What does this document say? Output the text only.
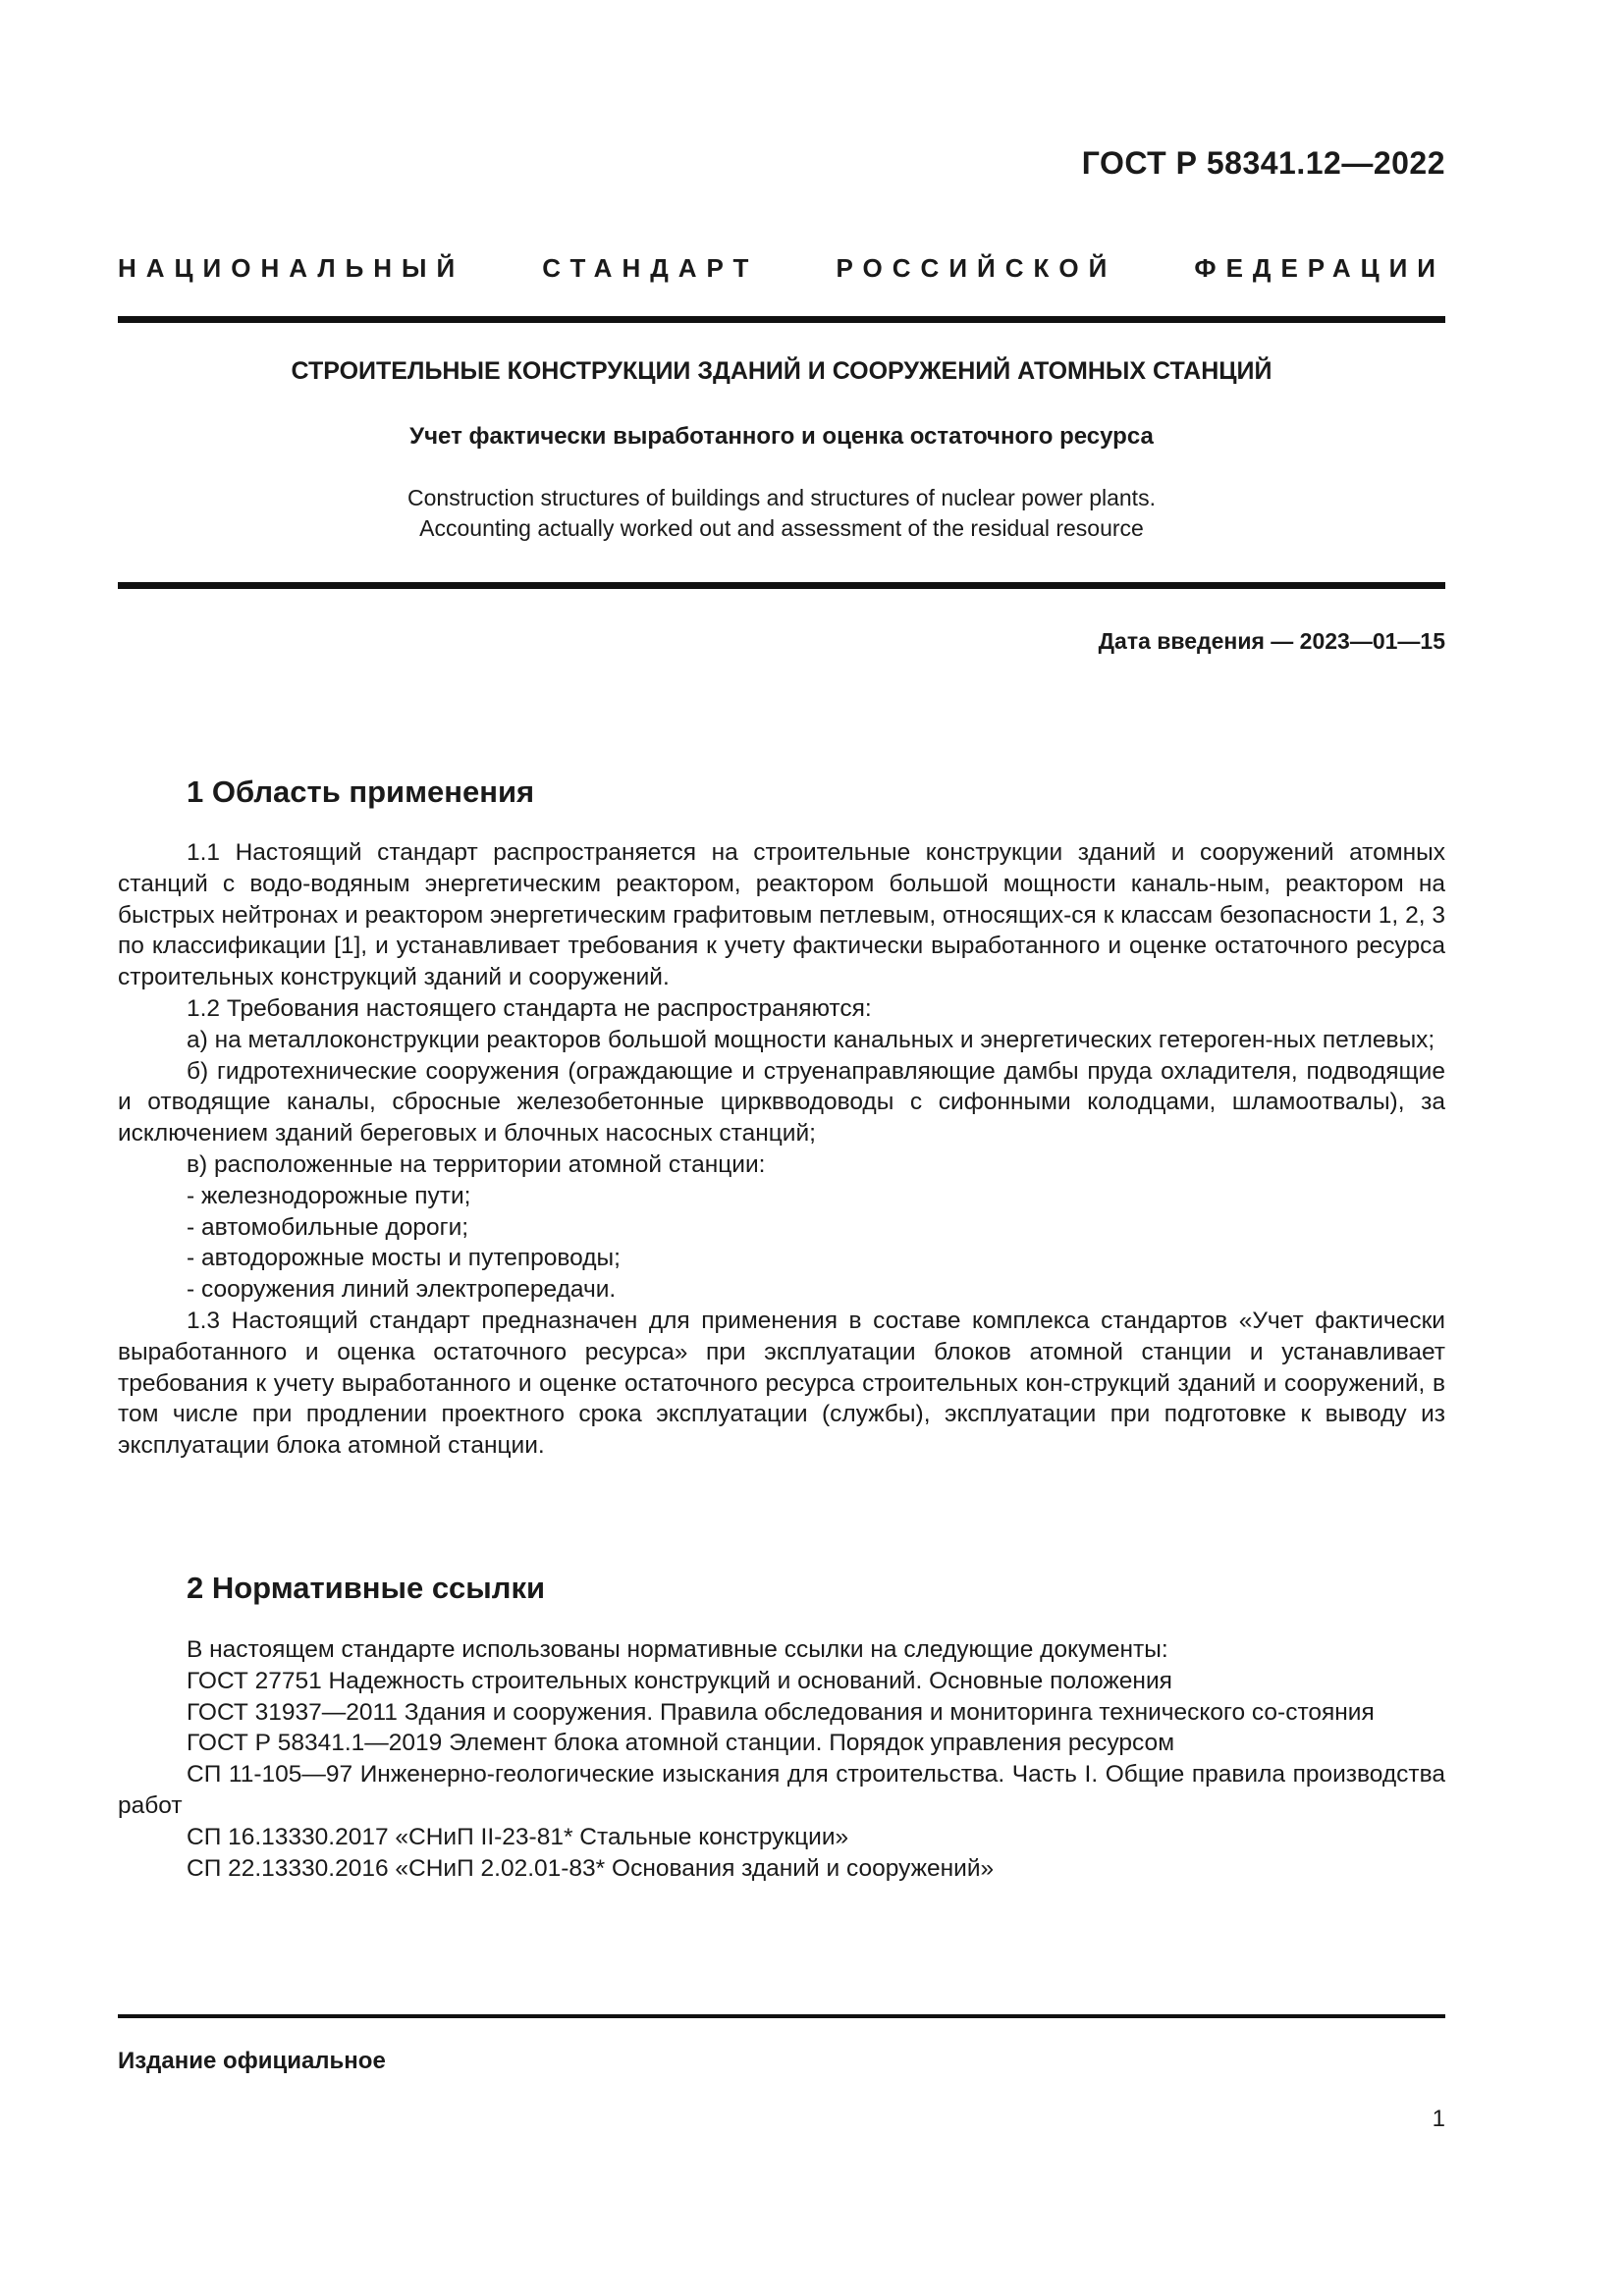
ГОСТ Р 58341.12—2022
НАЦИОНАЛЬНЫЙ СТАНДАРТ РОССИЙСКОЙ ФЕДЕРАЦИИ
СТРОИТЕЛЬНЫЕ КОНСТРУКЦИИ ЗДАНИЙ И СООРУЖЕНИЙ АТОМНЫХ СТАНЦИЙ
Учет фактически выработанного и оценка остаточного ресурса
Construction structures of buildings and structures of nuclear power plants.
Accounting actually worked out and assessment of the residual resource
Дата введения — 2023—01—15
1 Область применения

1.1 Настоящий стандарт распространяется на строительные конструкции зданий и сооружений атомных станций с водо-водяным энергетическим реактором, реактором большой мощности каналь-ным, реактором на быстрых нейтронах и реактором энергетическим графитовым петлевым, относящих-ся к классам безопасности 1, 2, 3 по классификации [1], и устанавливает требования к учету фактически выработанного и оценке остаточного ресурса строительных конструкций зданий и сооружений.

1.2 Требования настоящего стандарта не распространяются:

а) на металлоконструкции реакторов большой мощности канальных и энергетических гетероген-ных петлевых;

б) гидротехнические сооружения (ограждающие и струенаправляющие дамбы пруда охладителя, подводящие и отводящие каналы, сбросные железобетонные цирквводоводы с сифонными колодцами, шламоотвалы), за исключением зданий береговых и блочных насосных станций;

в) расположенные на территории атомной станции:

- железнодорожные пути;

- автомобильные дороги;

- автодорожные мосты и путепроводы;

- сооружения линий электропередачи.

1.3 Настоящий стандарт предназначен для применения в составе комплекса стандартов «Учет фактически выработанного и оценка остаточного ресурса» при эксплуатации блоков атомной станции и устанавливает требования к учету выработанного и оценке остаточного ресурса строительных кон-струкций зданий и сооружений, в том числе при продлении проектного срока эксплуатации (службы), эксплуатации при подготовке к выводу из эксплуатации блока атомной станции.

2 Нормативные ссылки

В настоящем стандарте использованы нормативные ссылки на следующие документы:

ГОСТ 27751 Надежность строительных конструкций и оснований. Основные положения

ГОСТ 31937—2011 Здания и сооружения. Правила обследования и мониторинга технического со-стояния

ГОСТ Р 58341.1—2019 Элемент блока атомной станции. Порядок управления ресурсом

СП 11-105—97 Инженерно-геологические изыскания для строительства. Часть I. Общие правила производства работ

СП 16.13330.2017 «СНиП II-23-81* Стальные конструкции»

СП 22.13330.2016 «СНиП 2.02.01-83* Основания зданий и сооружений»

Издание официальное
1
